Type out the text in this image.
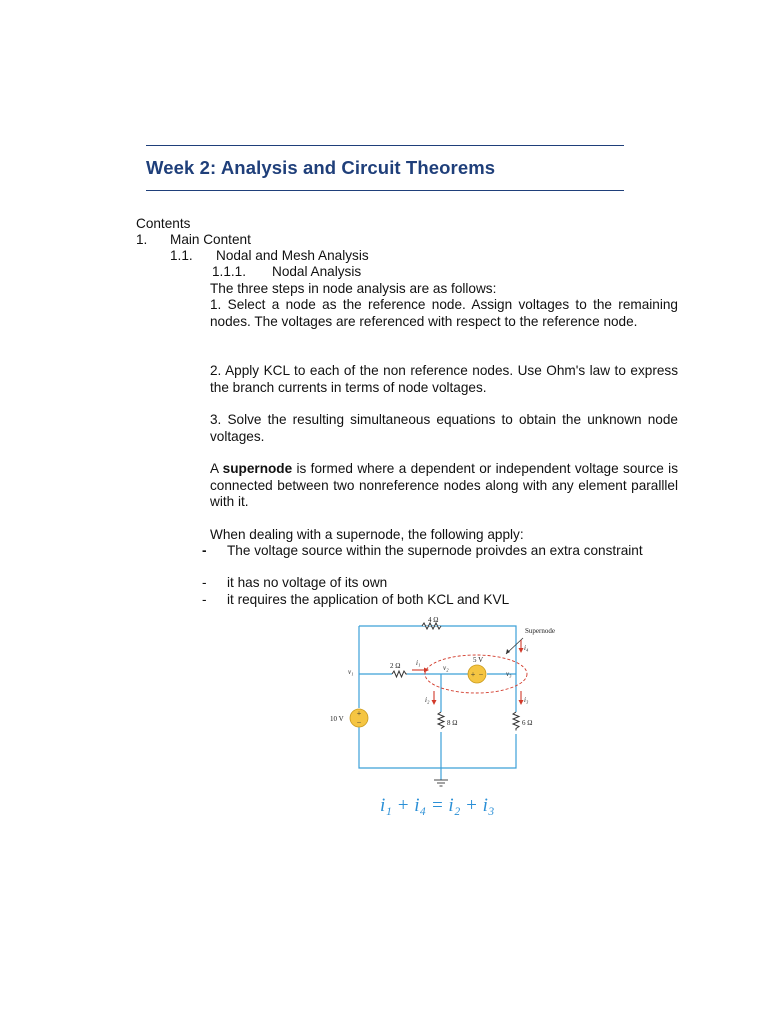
Week 2: Analysis and Circuit Theorems
Contents
1. Main Content
1.1. Nodal and Mesh Analysis
1.1.1. Nodal Analysis
The three steps in node analysis are as follows:

1. Select a node as the reference node. Assign voltages to the remaining nodes. The voltages are referenced with respect to the reference node.

2. Apply KCL to each of the non reference nodes. Use Ohm's law to express the branch currents in terms of node voltages.

3. Solve the resulting simultaneous equations to obtain the unknown node voltages.

A supernode is formed where a dependent or independent voltage source is connected between two nonreference nodes along with any element paralllel with it.

When dealing with a supernode, the following apply:
- The voltage source within the supernode proivdes an extra constraint
- it has no voltage of its own
- it requires the application of both KCL and KVL
+
−
+ −
4 Ω
2 Ω
5 V
8 Ω	6 Ω
10 V
Supernode
v₁	v₂
v₃
i₁
i₂	i₃
i₄
i₁ + i₄ = i₂ + i₃
